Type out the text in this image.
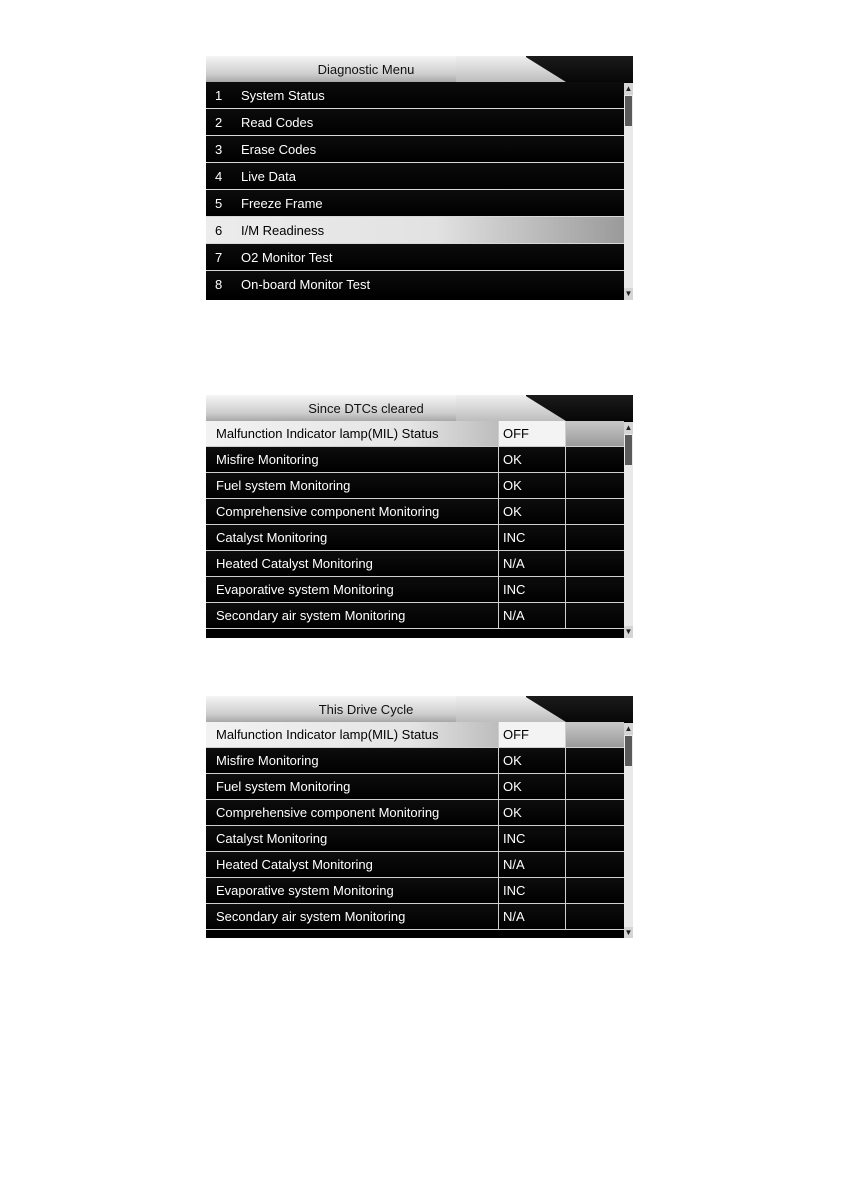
Diagnostic Menu
1 System Status
2 Read Codes
3 Erase Codes
4 Live Data
5 Freeze Frame
6 I/M Readiness
7 O2 Monitor Test
8 On-board Monitor Test
▲
▼
Since DTCs cleared
Malfunction Indicator lamp(MIL) Status	OFF
Misfire Monitoring	OK
Fuel system Monitoring	OK
Comprehensive component Monitoring	OK
Catalyst Monitoring	INC
Heated Catalyst Monitoring	N/A
Evaporative system Monitoring	INC
Secondary air system Monitoring	N/A
▲
▼
This Drive Cycle
Malfunction Indicator lamp(MIL) Status	OFF
Misfire Monitoring	OK
Fuel system Monitoring	OK
Comprehensive component Monitoring	OK
Catalyst Monitoring	INC
Heated Catalyst Monitoring	N/A
Evaporative system Monitoring	INC
Secondary air system Monitoring	N/A
▲
▼
